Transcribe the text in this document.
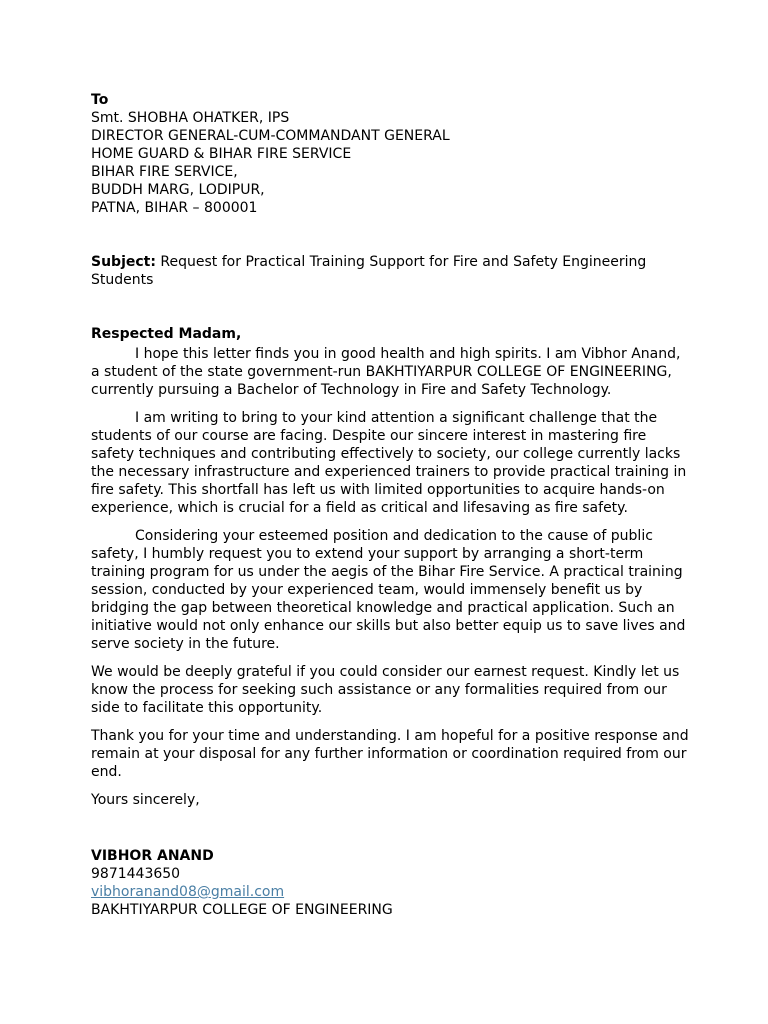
To
Smt. SHOBHA OHATKER, IPS
DIRECTOR GENERAL-CUM-COMMANDANT GENERAL
HOME GUARD & BIHAR FIRE SERVICE
BIHAR FIRE SERVICE,
BUDDH MARG, LODIPUR,
PATNA, BIHAR – 800001

Subject: Request for Practical Training Support for Fire and Safety Engineering Students

Respected Madam,

I hope this letter finds you in good health and high spirits. I am Vibhor Anand, a student of the state government-run BAKHTIYARPUR COLLEGE OF ENGINEERING, currently pursuing a Bachelor of Technology in Fire and Safety Technology.

I am writing to bring to your kind attention a significant challenge that the students of our course are facing. Despite our sincere interest in mastering fire safety techniques and contributing effectively to society, our college currently lacks the necessary infrastructure and experienced trainers to provide practical training in fire safety. This shortfall has left us with limited opportunities to acquire hands-on experience, which is crucial for a field as critical and lifesaving as fire safety.

Considering your esteemed position and dedication to the cause of public safety, I humbly request you to extend your support by arranging a short-term training program for us under the aegis of the Bihar Fire Service. A practical training session, conducted by your experienced team, would immensely benefit us by bridging the gap between theoretical knowledge and practical application. Such an initiative would not only enhance our skills but also better equip us to save lives and serve society in the future.

We would be deeply grateful if you could consider our earnest request. Kindly let us know the process for seeking such assistance or any formalities required from our side to facilitate this opportunity.

Thank you for your time and understanding. I am hopeful for a positive response and remain at your disposal for any further information or coordination required from our end.

Yours sincerely,

VIBHOR ANAND
9871443650
vibhoranand08@gmail.com
BAKHTIYARPUR COLLEGE OF ENGINEERING
